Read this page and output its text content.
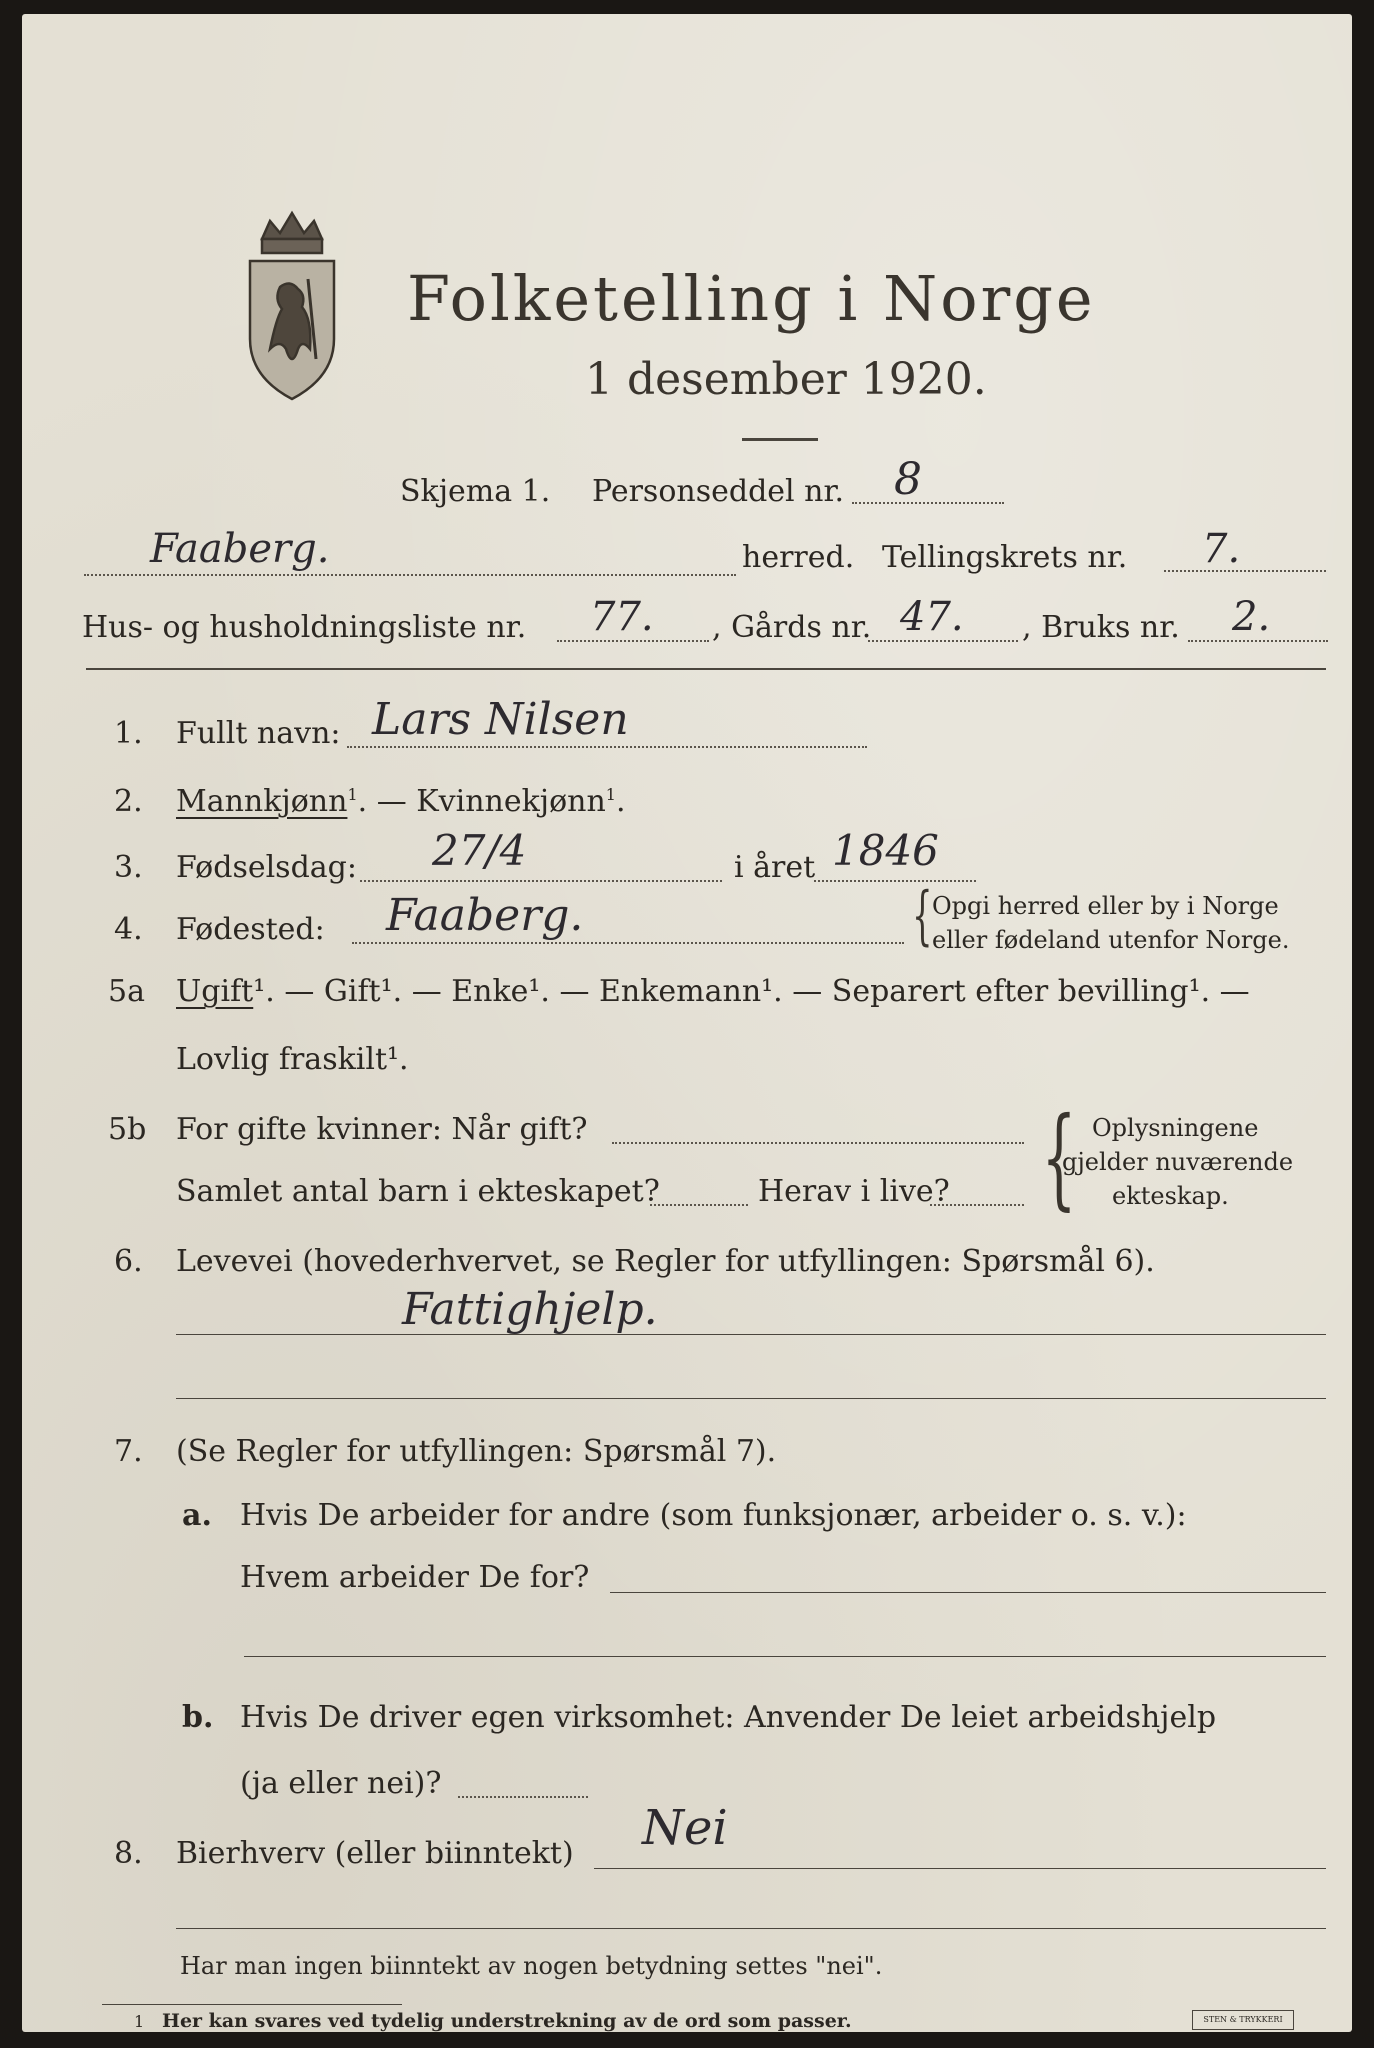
Folketelling i Norge
1 desember 1920.
Skjema 1. Personseddel nr. 8
Faaberg.	herred. Tellingskrets nr. 7.
Hus- og husholdningsliste nr. 77. , Gårds nr. 47. , Bruks nr. 2.
1. Fullt navn: Lars Nilsen
2. Mannkjønn$^1$. — Kvinnekjønn$^1$.
3. Fødselsdag: 27/4	i året 1846
4. Fødested: Faaberg.	{ Opgi herred eller by i Norge
eller fødeland utenfor Norge.
5a Ugift¹. — Gift¹. — Enke¹. — Enkemann¹. — Separert efter bevilling¹. —
Lovlig fraskilt¹.
5b For gifte kvinner: Når gift?
Samlet antal barn i ekteskapet?	Herav i live? { Oplysningene
gjelder nuværende
ekteskap.
6. Levevei (hovederhvervet, se Regler for utfyllingen: Spørsmål 6).
Fattighjelp.
7. (Se Regler for utfyllingen: Spørsmål 7).
a. Hvis De arbeider for andre (som funksjonær, arbeider o. s. v.):
Hvem arbeider De for?
b. Hvis De driver egen virksomhet: Anvender De leiet arbeidshjelp
(ja eller nei)?
8. Bierhverv (eller biinntekt) Nei
Har man ingen biinntekt av nogen betydning settes "nei".
1 Her kan svares ved tydelig understrekning av de ord som passer.	STEN & TRYKKERI
